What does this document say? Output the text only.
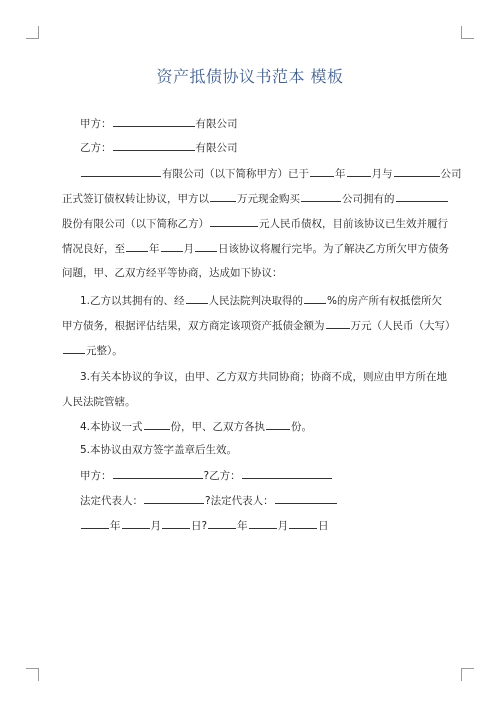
资产抵债协议书范本 模板
甲方：	有限公司
乙方：	有限公司
有限公司（以下简称甲方）已于 年 月与	公司
正式签订债权转让协议，甲方以	万元现金购买	公司拥有的
股份有限公司（以下简称乙方）	元人民币债权，目前该协议已生效并履行
情况良好，至 年 月 日该协议将履行完毕。为了解决乙方所欠甲方债务
问题，甲、乙双方经平等协商，达成如下协议：
1.乙方以其拥有的、经 人民法院判决取得的 %的房产所有权抵偿所欠
甲方债务，根据评估结果，双方商定该项资产抵债金额为 万元（人民币（大写）
元整）。
3.有关本协议的争议，由甲、乙方双方共同协商；协商不成，则应由甲方所在地
人民法院管辖。
4.本协议一式	份，甲、乙双方各执 份。
5.本协议由双方签字盖章后生效。
甲方：	?乙方：
法定代表人：	?法定代表人：
年	月	日?	年	月	日
